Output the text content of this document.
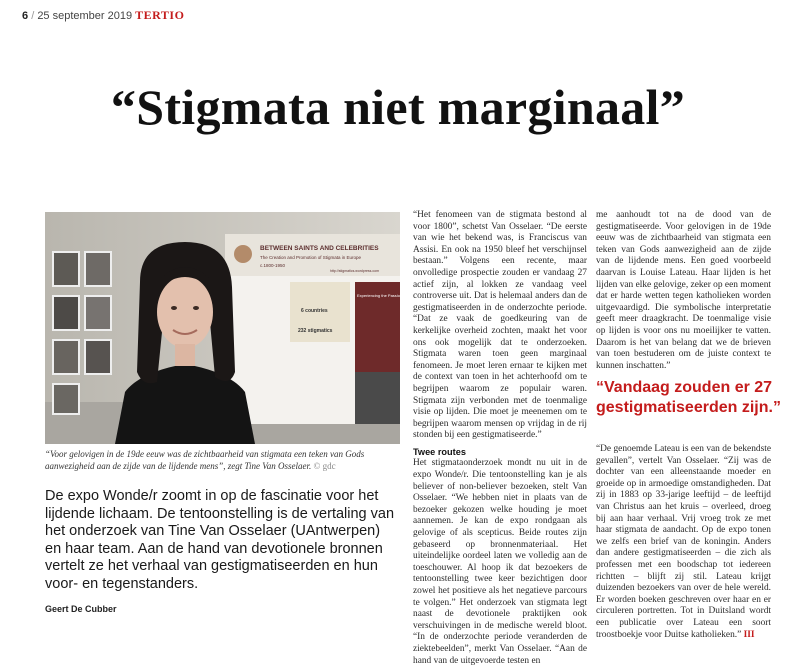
6 / 25 september 2019 TERTIO
“Stigmata niet marginaal”
BETWEEN SAINTS AND CELEBRITIES
The Creation and Promotion of Stigmata in Europe
c.1800-1950
http://stigmatics.wordpress.com
6 countries
232 stigmatics
Experiencing the Passion
“Voor gelovigen in de 19de eeuw was de zichtbaarheid van stigmata een teken van Gods aanwezigheid aan de zijde van de lijdende mens”, zegt Tine Van Osselaer. © gdc
De expo Wonde/r zoomt in op de fascinatie voor het lijdende lichaam. De tentoonstelling is de vertaling van het onderzoek van Tine Van Osselaer (UAntwerpen) en haar team. Aan de hand van devotionele bronnen vertelt ze het verhaal van gestigmatiseerden en hun voor- en tegenstanders.
Geert De Cubber

“Het fenomeen van de stigmata bestond al voor 1800”, schetst Van Osselaer. “De eerste van wie het bekend was, is Franciscus van Assisi. En ook na 1950 bleef het verschijnsel bestaan.” Volgens een recente, maar onvolledige prospectie zouden er vandaag 27 actief zijn, al lokken ze vandaag veel controverse uit. Dat is helemaal anders dan de gestigmatiseerden in de onderzochte periode. “Dat ze vaak de goedkeuring van de kerkelijke overheid zochten, maakt het voor ons ook mogelijk dat te onderzoeken. Stigmata waren toen geen marginaal fenomeen. Je moet leren ernaar te kijken met de context van toen in het achterhoofd om te begrijpen waarom ze populair waren. Stigmata zijn verbonden met de toenmalige visie op lijden. Die moet je meenemen om te begrijpen waarom mensen op vrijdag in de rij stonden bij een gestigmatiseerde.”

Twee routes

Het stigmataonderzoek mondt nu uit in de expo Wonde/r. Die tentoonstelling kan je als believer of non-believer bezoeken, stelt Van Osselaer. “We hebben niet in plaats van de bezoeker gekozen welke houding je moet aannemen. Je kan de expo rondgaan als gelovige of als scepticus. Beide routes zijn gebaseerd op bronnenmateriaal. Het uiteindelijke oordeel laten we volledig aan de toeschouwer. Al hoop ik dat bezoekers de tentoonstelling twee keer bezichtigen door zowel het positieve als het negatieve parcours te volgen.” Het onderzoek van stigmata legt naast de devotionele praktijken ook verschuivingen in de medische wereld bloot. “In de onderzochte periode veranderden de ziektebeelden”, merkt Van Osselaer. “Aan de hand van de uitgevoerde testen en

me aanhoudt tot na de dood van de gestigmatiseerde. Voor gelovigen in de 19de eeuw was de zichtbaarheid van stigmata een teken van Gods aanwezigheid aan de zijde van de lijdende mens. Een goed voorbeeld daarvan is Louise Lateau. Haar lijden is het lijden van elke gelovige, zeker op een moment dat er harde wetten tegen katholieken worden uitgevaardigd. Die symbolische interpretatie geeft meer draagkracht. De toenmalige visie op lijden is voor ons nu moeilijker te vatten. Daarom is het van belang dat we de brieven van toen bestuderen om de juiste context te kunnen inschatten.”

“Vandaag zouden er 27 gestigmatiseerden zijn.”

“De genoemde Lateau is een van de bekendste gevallen”, vertelt Van Osselaer. “Zij was de dochter van een alleenstaande moeder en groeide op in armoedige omstandigheden. Dat zij in 1883 op 33-jarige leeftijd – de leeftijd van Christus aan het kruis – overleed, droeg bij aan haar verhaal. Vrij vroeg trok ze met haar stigmata de aandacht. Op de expo tonen we zelfs een brief van de koningin. Anders dan andere gestigmatiseerden – die zich als professen met een boodschap tot iedereen richtten – blijft zij stil. Lateau krijgt duizenden bezoekers van over de hele wereld. Er worden boeken geschreven over haar en er circuleren portretten. Tot in Duitsland wordt een publicatie over Lateau een soort troostboekje voor Duitse katholieken.” III
